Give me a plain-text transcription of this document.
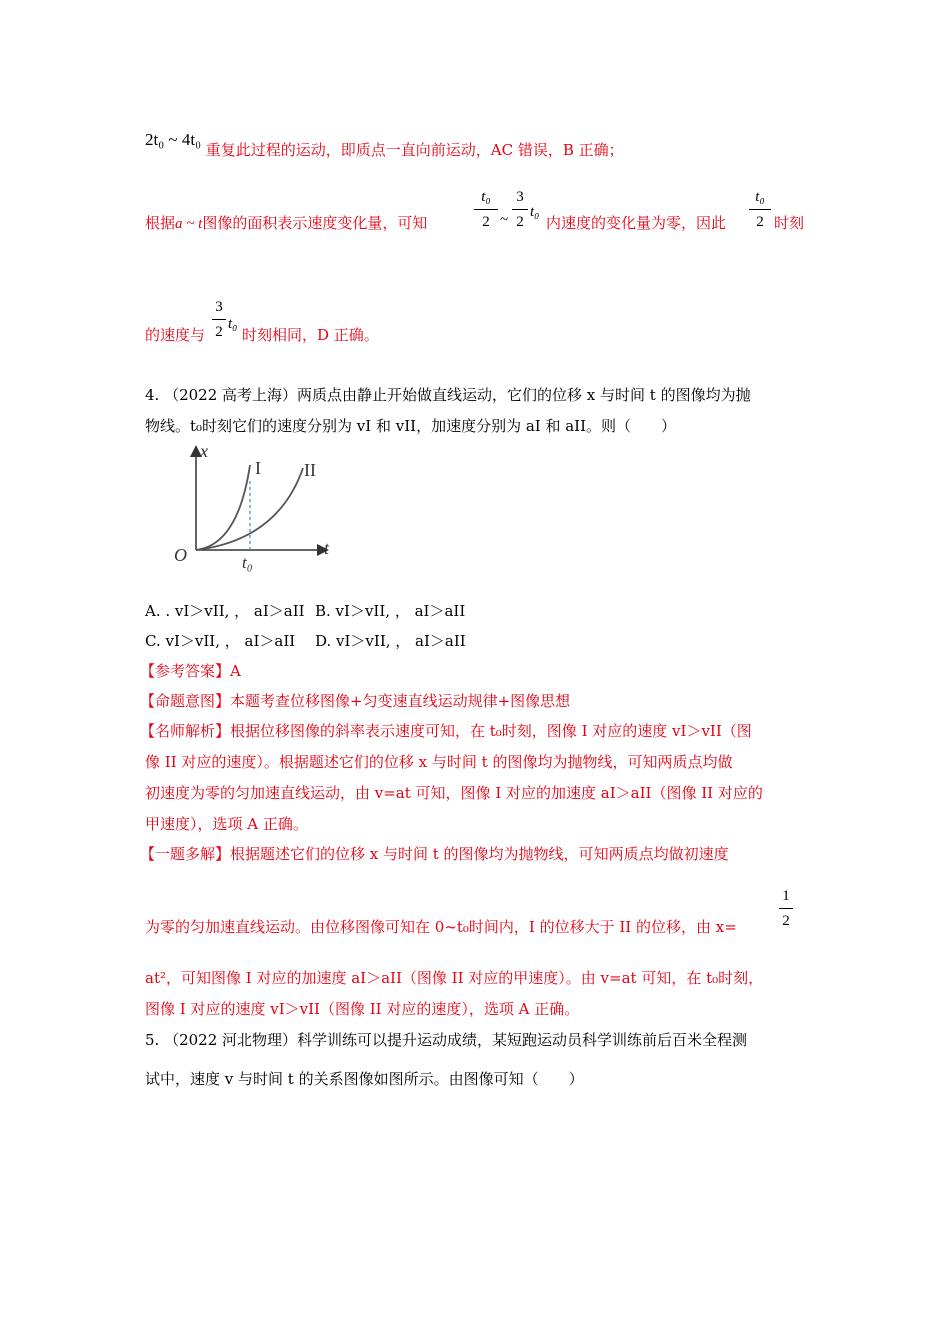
2t₀ ~ 4t₀ 重复此过程的运动，即质点一直向前运动，AC 错误，B 正确；
根据a ~ t图像的面积表示速度变化量，可知
t₀
2 ~
3
2
t₀
内速度的变化量为零，因此
t₀
2 时刻
的速度与
3
2 t₀
时刻相同，D 正确。
4. （2022 高考上海）两质点由静止开始做直线运动，它们的位移 x 与时间 t 的图像均为抛
物线。t₀时刻它们的速度分别为 vI 和 vII，加速度分别为 aI 和 aII。则（　　）
x
t
O
I II
t₀
A. . vI＞vII, ， aI＞aII B. vI＞vII, ， aI＞aII
C. vI＞vII, ， aI＞aII D. vI＞vII, ， aI＞aII
【参考答案】A
【命题意图】本题考查位移图像+匀变速直线运动规律+图像思想
【名师解析】根据位移图像的斜率表示速度可知，在 t₀时刻，图像 I 对应的速度 vI＞vII（图
像 II 对应的速度）。根据题述它们的位移 x 与时间 t 的图像均为抛物线，可知两质点均做
初速度为零的匀加速直线运动，由 v=at 可知，图像 I 对应的加速度 aI＞aII（图像 II 对应的
甲速度），选项 A 正确。
【一题多解】根据题述它们的位移 x 与时间 t 的图像均为抛物线，可知两质点均做初速度
为零的匀加速直线运动。由位移图像可知在 0~t₀时间内，I 的位移大于 II 的位移，由 x=
1
2
at²，可知图像 I 对应的加速度 aI＞aII（图像 II 对应的甲速度）。由 v=at 可知，在 t₀时刻，
图像 I 对应的速度 vI＞vII（图像 II 对应的速度），选项 A 正确。
5. （2022 河北物理）科学训练可以提升运动成绩，某短跑运动员科学训练前后百米全程测
试中，速度 v 与时间 t 的关系图像如图所示。由图像可知（　　）
